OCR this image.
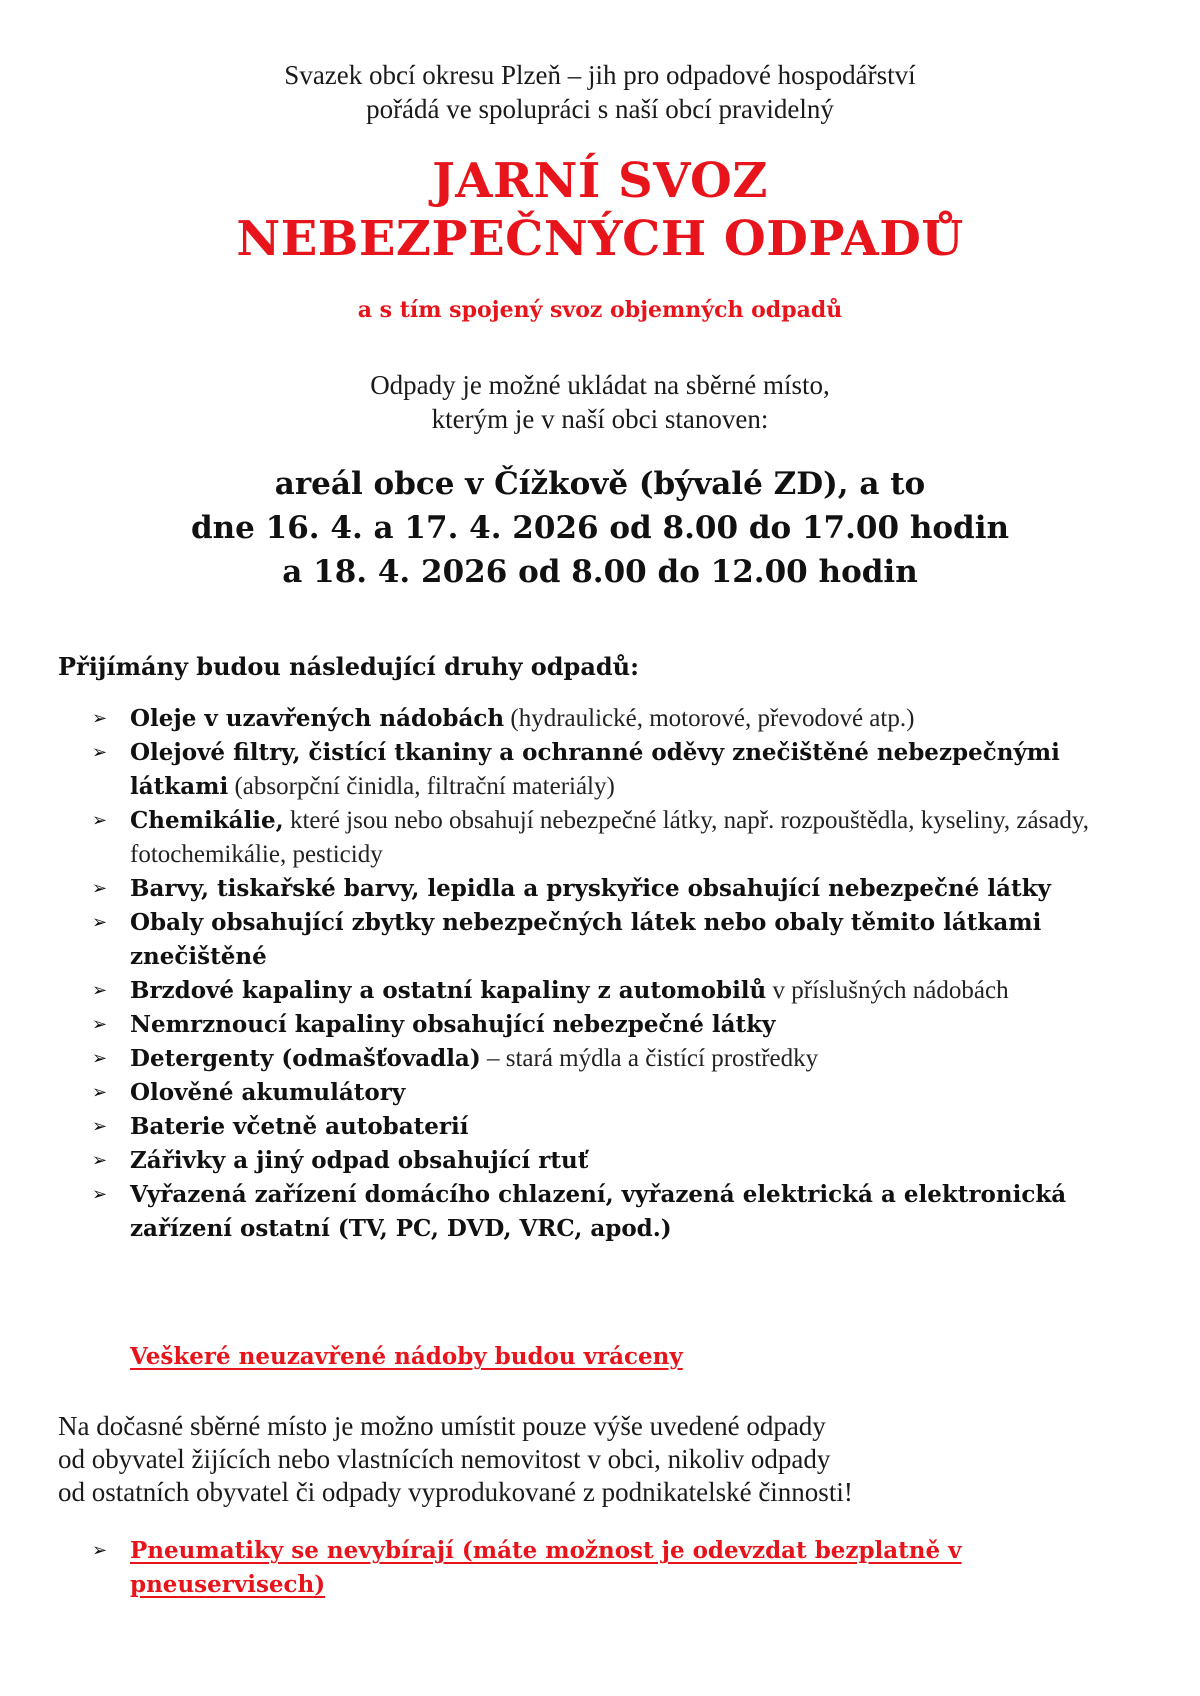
Svazek obcí okresu Plzeň – jih pro odpadové hospodářství
pořádá ve spolupráci s naší obcí pravidelný
JARNÍ SVOZ
NEBEZPEČNÝCH ODPADŮ
a s tím spojený svoz objemných odpadů
Odpady je možné ukládat na sběrné místo,
kterým je v naší obci stanoven:
areál obce v Čížkově (bývalé ZD), a to
dne 16. 4. a 17. 4. 2026 od 8.00 do 17.00 hodin
a 18. 4. 2026 od 8.00 do 12.00 hodin
Přijímány budou následující druhy odpadů:
➢ Oleje v uzavřených nádobách (hydraulické, motorové, převodové atp.)
➢ Olejové filtry, čistící tkaniny a ochranné oděvy znečištěné nebezpečnými látkami (absorpční činidla, filtrační materiály)
➢ Chemikálie, které jsou nebo obsahují nebezpečné látky, např. rozpouštědla, kyseliny, zásady, fotochemikálie, pesticidy
➢ Barvy, tiskařské barvy, lepidla a pryskyřice obsahující nebezpečné látky
➢ Obaly obsahující zbytky nebezpečných látek nebo obaly těmito látkami znečištěné
➢ Brzdové kapaliny a ostatní kapaliny z automobilů v příslušných nádobách
➢ Nemrznoucí kapaliny obsahující nebezpečné látky
➢ Detergenty (odmašťovadla) – stará mýdla a čistící prostředky
➢ Olověné akumulátory
➢ Baterie včetně autobaterií
➢ Zářivky a jiný odpad obsahující rtuť
➢ Vyřazená zařízení domácího chlazení, vyřazená elektrická a elektronická zařízení ostatní (TV, PC, DVD, VRC, apod.)
Veškeré neuzavřené nádoby budou vráceny
Na dočasné sběrné místo je možno umístit pouze výše uvedené odpady
od obyvatel žijících nebo vlastnících nemovitost v obci, nikoliv odpady
od ostatních obyvatel či odpady vyprodukované z podnikatelské činnosti!
➢ Pneumatiky se nevybírají (máte možnost je odevzdat bezplatně v pneuservisech)
